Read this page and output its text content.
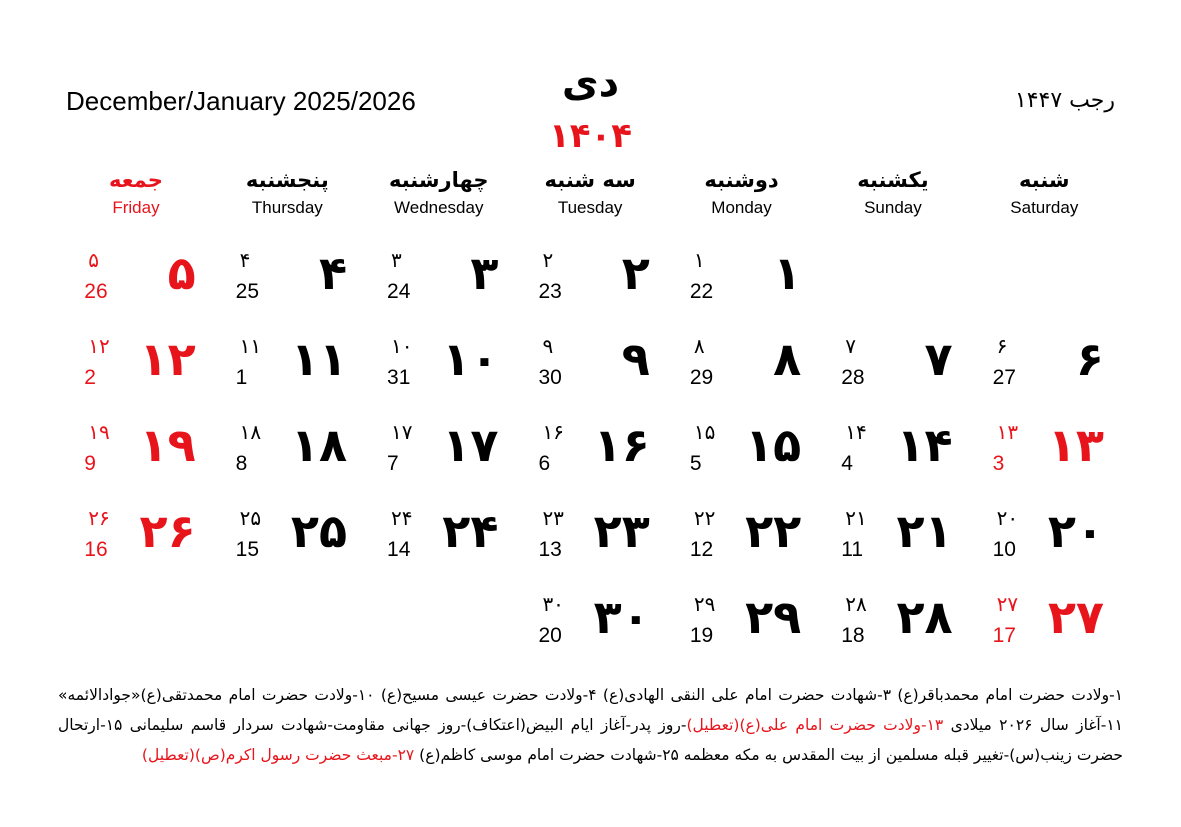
December/January 2025/2026	رجب ۱۴۴۷
دی
۱۴۰۴
شنبه
Saturday
یکشنبه
Sunday
دوشنبه
Monday
سه شنبه
Tuesday
چهارشنبه
Wednesday
پنجشنبه
Thursday
جمعه
Friday
۱
۱
22
۲
۲
23
۳
۳
24
۴
۴
25
۵
۵
26
۶
۶
27
۷
۷
28
۸
۸
29
۹
۹
30
۱۰
۱۰
31
۱۱
۱۱
1
۱۲
۱۲
2
۱۳
۱۳
3
۱۴
۱۴
4
۱۵
۱۵
5
۱۶
۱۶
6
۱۷
۱۷
7
۱۸
۱۸
8
۱۹
۱۹
9
۲۰
۲۰
10
۲۱
۲۱
11
۲۲
۲۲
12
۲۳
۲۳
13
۲۴
۲۴
14
۲۵
۲۵
15
۲۶
۲۶
16
۲۷
۲۷
17
۲۸
۲۸
18
۲۹
۲۹
19
۳۰
۳۰
20
۱-ولادت حضرت امام محمدباقر(ع) ۳-شهادت حضرت امام علی النقی الهادی(ع) ۴-ولادت حضرت عیسی مسیح(ع) ۱۰-ولادت حضرت امام محمدتقی(ع)«جوادالائمه» ۱۱-آغاز سال ۲۰۲۶ میلادی ۱۳-ولادت حضرت امام علی(ع)(تعطیل)-روز پدر-آغاز ایام البیض(اعتکاف)-روز جهانی مقاومت-شهادت سردار قاسم سلیمانی ۱۵-ارتحال حضرت زینب(س)-تغییر قبله مسلمین از بیت المقدس به مکه معظمه ۲۵-شهادت حضرت امام موسی کاظم(ع) ۲۷-مبعث حضرت رسول اکرم(ص)(تعطیل)
